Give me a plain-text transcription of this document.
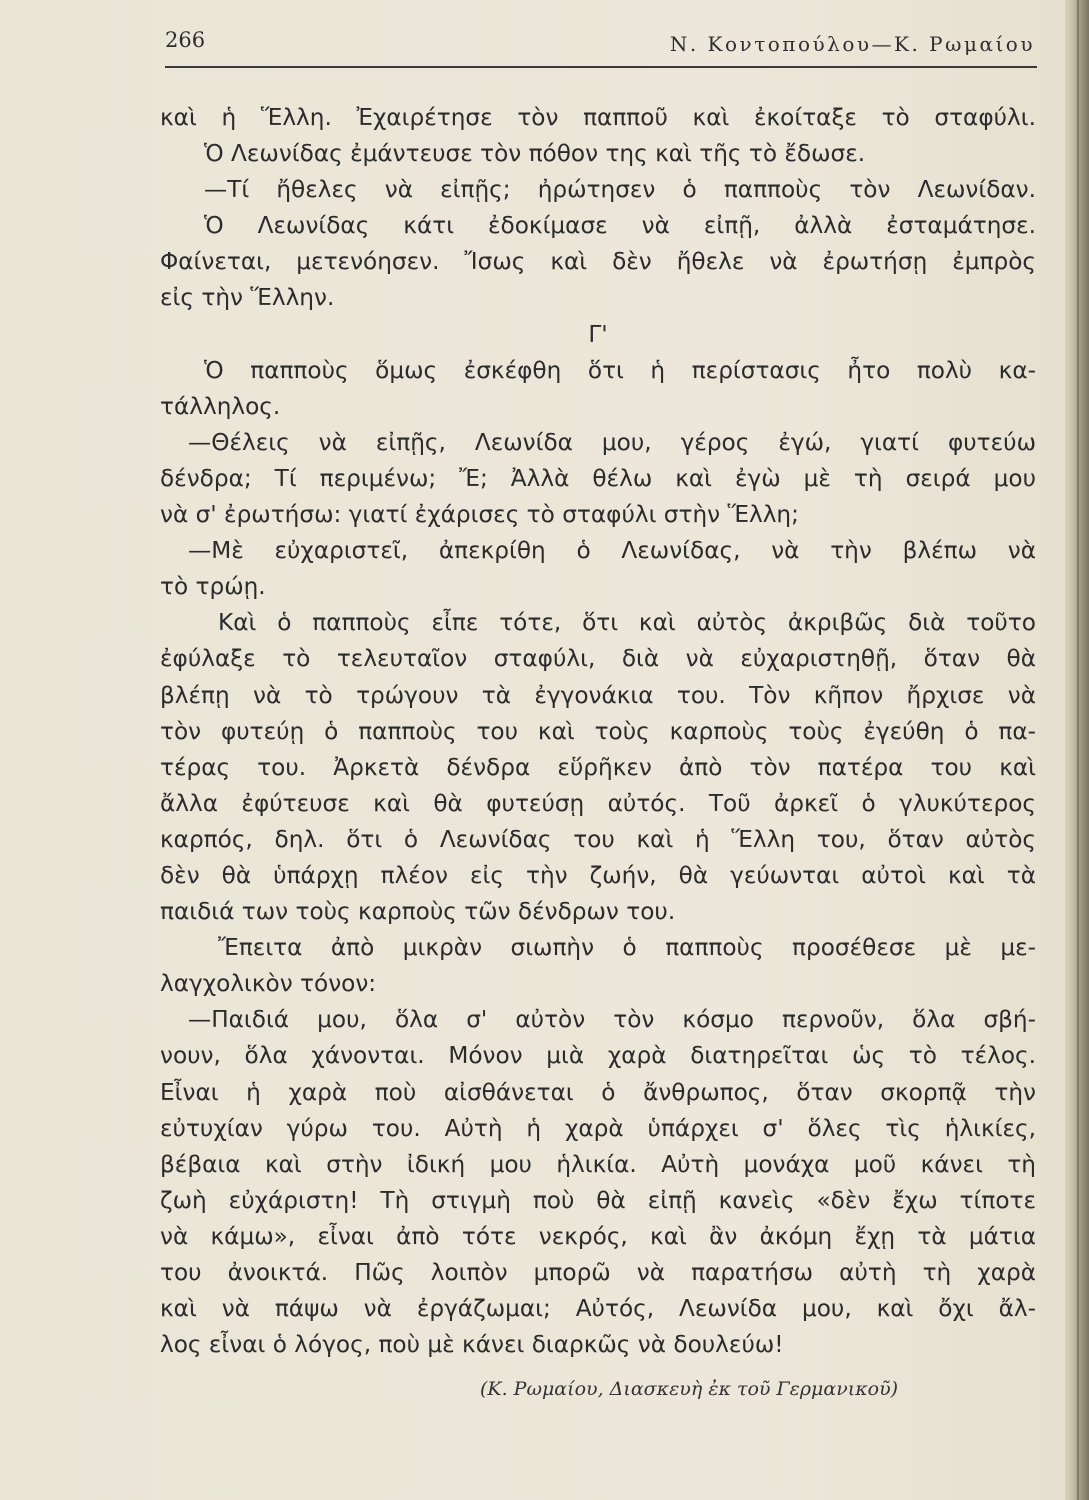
266	Ν. Κοντοπούλου—Κ. Ρωμαίου
καὶ ἡ Ἕλλη. Ἐχαιρέτησε τὸν παπποῦ καὶ ἐκοίταξε τὸ σταφύλι.
Ὁ Λεωνίδας ἐμάντευσε τὸν πόθον της καὶ τῆς τὸ ἔδωσε.
—Τί ἤθελες νὰ εἰπῇς; ἠρώτησεν ὁ παπποὺς τὸν Λεωνίδαν.
Ὁ Λεωνίδας κάτι ἐδοκίμασε νὰ εἰπῇ, ἀλλὰ ἐσταμάτησε.
Φαίνεται, μετενόησεν. Ἴσως καὶ δὲν ἤθελε νὰ ἐρωτήσῃ ἐμπρὸς
εἰς τὴν Ἕλλην.
Γ'
Ὁ παπποὺς ὅμως ἐσκέφθη ὅτι ἡ περίστασις ἦτο πολὺ κα-
τάλληλος.
—Θέλεις νὰ εἰπῇς, Λεωνίδα μου, γέρος ἐγώ, γιατί φυτεύω
δένδρα; Τί περιμένω; Ἔ; Ἀλλὰ θέλω καὶ ἐγὼ μὲ τὴ σειρά μου
νὰ σ' ἐρωτήσω: γιατί ἐχάρισες τὸ σταφύλι στὴν Ἕλλη;
—Μὲ εὐχαριστεῖ, ἀπεκρίθη ὁ Λεωνίδας, νὰ τὴν βλέπω νὰ
τὸ τρώῃ.
Καὶ ὁ παπποὺς εἶπε τότε, ὅτι καὶ αὐτὸς ἀκριβῶς διὰ τοῦτο
ἐφύλαξε τὸ τελευταῖον σταφύλι, διὰ νὰ εὐχαριστηθῇ, ὅταν θὰ
βλέπῃ νὰ τὸ τρώγουν τὰ ἐγγονάκια του. Τὸν κῆπον ἤρχισε νὰ
τὸν φυτεύῃ ὁ παπποὺς του καὶ τοὺς καρποὺς τοὺς ἐγεύθη ὁ πα-
τέρας του. Ἀρκετὰ δένδρα εὕρῆκεν ἀπὸ τὸν πατέρα του καὶ
ἄλλα ἐφύτευσε καὶ θὰ φυτεύσῃ αὐτός. Τοῦ ἀρκεῖ ὁ γλυκύτερος
καρπός, δηλ. ὅτι ὁ Λεωνίδας του καὶ ἡ Ἕλλη του, ὅταν αὐτὸς
δὲν θὰ ὑπάρχῃ πλέον εἰς τὴν ζωήν, θὰ γεύωνται αὐτοὶ καὶ τὰ
παιδιά των τοὺς καρποὺς τῶν δένδρων του.
Ἔπειτα ἀπὸ μικρὰν σιωπὴν ὁ παπποὺς προσέθεσε μὲ με-
λαγχολικὸν τόνον:
—Παιδιά μου, ὅλα σ' αὐτὸν τὸν κόσμο περνοῦν, ὅλα σβή-
νουν, ὅλα χάνονται. Μόνον μιὰ χαρὰ διατηρεῖται ὡς τὸ τέλος.
Εἶναι ἡ χαρὰ ποὺ αἰσθάνεται ὁ ἄνθρωπος, ὅταν σκορπᾷ τὴν
εὐτυχίαν γύρω του. Αὐτὴ ἡ χαρὰ ὑπάρχει σ' ὅλες τὶς ἡλικίες,
βέβαια καὶ στὴν ἰδική μου ἡλικία. Αὐτὴ μονάχα μοῦ κάνει τὴ
ζωὴ εὐχάριστη! Τὴ στιγμὴ ποὺ θὰ εἰπῇ κανεὶς «δὲν ἔχω τίποτε
νὰ κάμω», εἶναι ἀπὸ τότε νεκρός, καὶ ἂν ἀκόμη ἔχῃ τὰ μάτια
του ἀνοικτά. Πῶς λοιπὸν μπορῶ νὰ παρατήσω αὐτὴ τὴ χαρὰ
καὶ νὰ πάψω νὰ ἐργάζωμαι; Αὐτός, Λεωνίδα μου, καὶ ὄχι ἄλ-
λος εἶναι ὁ λόγος, ποὺ μὲ κάνει διαρκῶς νὰ δουλεύω!
(Κ. Ρωμαίου, Διασκευὴ ἐκ τοῦ Γερμανικοῦ)
